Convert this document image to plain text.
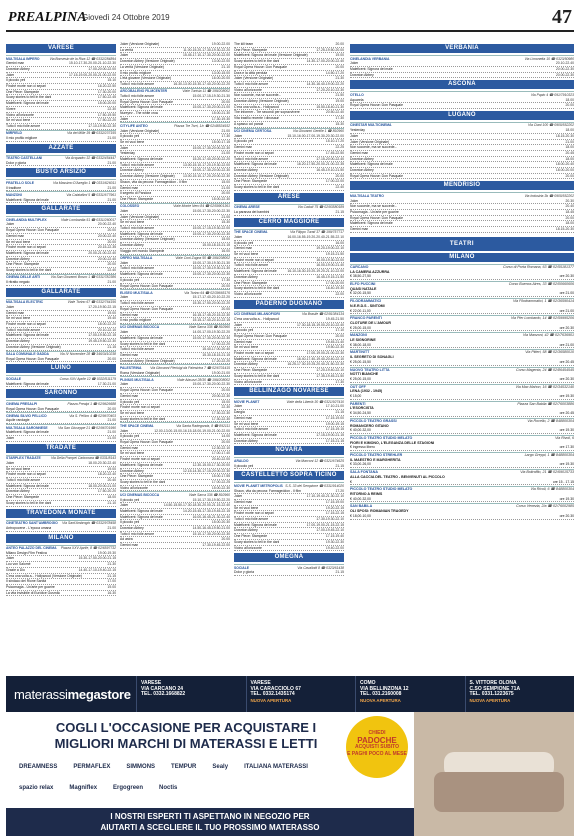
PREALPINA
Giovedì 24 Ottobre 2019	47
VARESE
MULTISALA IMPERO	Via Bonvesin de la Riva 12 ☎ 0332/284894
Gemini man	15.10-17.30-20.00-21.10-22.30
Downton Abbey	17.00-20.00-22.00
Joker	17.15-19.00-20.00-21.00-22.00
Il piccolo yeti	15.10
Finché morte non ci separi	16.20-22.50
One Piece: Stampede	17.30-20.00
Scary stories to tell in the dark	17.50-22.45
Maleficent: Signora del male	15.00-20.00
Vivere	22.30
Vicino all'orizzonte	17.50-19.50
Se mi vuoi bene	17.50-22.20
Tutto il mio folle amore	17.10-19.50-22.30
MIRFIELD	Via dei Mille 39 ☎ 0332/237155
Il mio profilo migliore	21.00
AZZATE
TEATRO CASTELLANI	Via Acquadro 32 ☎ 0332/454447
Dolor y gloria	21.00
BUSTO ARSIZIO
FRATELLO SOLE	Via Massimo D'Azeglio 1 ☎ 0331/626011
Il traditore	21.00
MANZONI	Via Calatafimi 5 ☎ 0331/677961
Maleficent: Signora del male	21.00
GALLARATE
CINELANDIA MULTIPLEX	Viale Lombardia 51 ☎ 0331/260017
Joker	20.00-22.40
Royal Opera House: Don Pasquale	20.00
Gemini man	20.00-22.40
Se mi vuoi bene	20.00
Finché morte non ci separi	20.15-22.35
Maleficent: Signora del male	20.00-21.00-22.40
Downton Abbey	20.00-22.40
One Piece: Stampede	20.00
Scary stories to tell in the dark	22.40
CINEMA DELLE ARTI	Via San Giovanni Bosco 1 ☎ 0331/782386
Il ritratto negato	21.00
GALLARATE
MULTISALA ELECTRIC	Viale Torino 67 ☎ 0332/764156
Joker	17.20-19.50-22.15
Gemini man	19.00
Se mi vuoi bene	19.40
Finché morte non ci separi	18.00-22.20
Tutto il mio folle amore	20.10-22.10
Maleficent: Signora del male	17.00-19.50-22.15
Downton Abbey	19.45-19.50-22.30
Downton Abbey (Versione Originale)	21.15
SALA COMUNALE GADDA	Via IV Novembre 28 ☎ 346/3410238
Royal Opera House: Don Pasquale	20.00
LUINO
SOCIALE	Corso XXV Aprile 12 ☎ 0332/511179
Maleficent: Signora del male	17.30-21.00
SARONNO
CINEMA PRESALPI	Piazza Prealpi 1 ☎ 02/9626688
Royal Opera House: Don Pasquale	20.00
CINEMA SILVIO PELLICO	Via S. Pellico 4 ☎ 02/9670403
Aquile randagie	21.00
MULTISALA SARONNESE	Via San Giuseppe 21 ☎ 02/96701990
Maleficent: Signora del male	21.00
Joker	21.00
TRADATE
STARPLEX TRADATE	Via Della Pompei Carbonara ☎ 0331/8143
Joker	18.00-20.30-22.40
Se mi vuoi bene	19.00
Finché morte non ci separi	18.20-22.40
Tutto il mio folle amore	20.40
Maleficent: Signora del male	18.00-20.00-21.00
Downton Abbey	17.50-20.20
One Piece: Stampede	18.00
Scary stories to tell in the dark	21.10
TRAVEDONA MONATE
CINETEATRO SANT'AMBROGIO Via Sant'Ambrogio ☎ 0332/978458
Antropocene - L'epoca umana	21.00
MILANO
ANTEO PALAZZO DEL CINEMA Piazza XXV Aprile, 8 ☎ 02/6597732
Milano Design Film Festival	19.00-19.30
Joker	15.30-17.50-20.00-21.15
Lou von Salomé	21.30
Grazie a Dio	14.40-17.10-19.40-22.15
C'era una volta a... Hollywood (Versione Originale)	21.15
Il sindaco del Rione Sanità	17.00
Psicomagia - Un'arte per guarire	19.00
La vita invisibile di Eurídice Gusmão	16.30
Joker (Versione Originale)	19.00-22.00
La verità	11.00-15.20-17.30-19.30-22.20
Joker	15.45-17.10-17.30-20.00-22.00
Downton Abbey (Versione Originale)	13.00-22.00
La verità (Versione Originale)	21.10
Il mio profilo migliore	13.00-15.00
L'età giovane (Versione Originale)	16.00-20.00
Tutto il mio folle amore	16.30-13.00-15.30-17.40-20.00-22.20
ARCOBALENO FILMCENTER	Viale Tunisia 11 ☎ 199/208002
Tutto il mio folle amore	15.00-17.15-19.30-21.30
Royal Opera House: Don Pasquale	20.00
Maleficent: Signora del male	15.00-17.30-20.00-21.00
Nureyev - The white crow	15.00-21.30
Joker	17.30-19.30
CITYLIFE ANTEO	Piazza Tre Torri, 1/c ☎ 02/48534932
Joker (Versione Originale)	21.00
Il piccolo yeti	17.30
Se mi vuoi bene	15.00-17.15
Joker	15.00-17.30-20.00-22.30
Yesterday	21.00
Maleficent: Signora del male	15.20-17.40-20.00-22.20
Tutto il mio folle amore	13.00-15.10-17.20-19.30-22.00
Downton Abbey	15.00-17.30-20.00-22.30
Downton Abbey (Versione Originale)	13.00-15.10-17.20-20.00-22.30
Shaun, vita da pecora: Farmageddon - Il film	15.00
Gemini man	21.00
Il segreto di Pandora	20.00
One Piece: Stampede	15.00-22.30
COLOSSEO	Viale Monte Nero 84 ☎ 02/59901361
Joker	15.00-17.30-20.00-22.30
Joker (Versione Originale)	21.00
Se mi vuoi bene	15.30
Tutto il mio folle amore	15.00-17.15-19.30-22.00
Maleficent: Signora del male	15.00-17.30-20.00-22.30
Downton Abbey (Versione Originale)	15.00
Downton Abbey	15.00-18.15-21.15
Viaggio nel mondo Stampede	16.00
ORFEO MULTISALA	Viale Coni Zugna 50 ☎ 199/208002
Joker	15.00-17.30-19.30-21.30
Tutto il mio folle amore	15.00-17.30-19.30-21.30
Maleficent: Signora del male	15.00-17.30-20.00-22.30
Il piccolo yeti	17.30
Royal Opera House: Don Pasquale	20.00
ELISEO MULTISALA	Via Torino 64 ☎ 02/39665176
Joker	15.17-17.40-20.10-22.20
Tutto il mio folle amore	15.30-17.50-20.00-22.20
Royal Opera House: Don Pasquale	20.00
Gemini man	16.15-17.45-20.15-22.30
Il mio profilo migliore	15.15-17.40-20.10-22.15
UCI CINEMAS BICOCCA	Viale Sarca 336 ☎ 892960
Joker	14.00-17.00-19.30-22.20
Maleficent: Signora del male	15.00-17.30-20.00-22.30
Scary stories to tell in the dark	17.00-22.20
Tutto il mio folle amore	15.40-17.00-20.40
Gemini man	15.30-18.15-21.15
Downton Abbey (Versione Originale)	17.20-22.20
PALESTRINA	Via Giovanni Pierluigi da Palestrina 7 ☎ 02/6701415
Roma (Versione Originale)	19.00-21.00
PLINIUS MULTISALA	Viale Abruzzi 28/30 ☎ 199/208002
Joker	15.00-17.30-20.00-22.30
Royal Opera House: Don Pasquale	20.00
Gemini man	20.00-22.30
Il piccolo yeti	15.00
Finché morte non ci separi	22.30
Se mi vuoi bene	17.30-22.30
Scary stories to tell in the dark	17.30-22.30
THE SPACE CINEMA	Via Santa Radegonda, 8 ☎ 892111
Joker	12.00-13.00-15.00-16.15-18.00-19.00-21.00-22.00
Il piccolo yeti	14.00
Royal Opera House: Don Pasquale	20.00
Gemini man	12.30-22.10
Se mi vuoi bene	17.00-17.40
Finché morte non ci separi	20.40-22.00
Maleficent: Signora del male	12.30-15.00-17.30-20.00
Downton Abbey	12.15-14.30-17.15-20.00-22.30
One Piece: Stampede	15.00-17.55
Scary stories to tell in the dark	17.00-22.25
Vicino all'orizzonte	15.00-22.30
UCI CINEMAS BICOCCA	Viale Sarca 336 ☎ 892960
Il piccolo yeti	15.10-17.30-19.50-22.20
Joker	14.50-15.50-17.30-18.30-20.00-21.15-22.40
Maleficent: Signora del male	14.20-15.45-17.30-19.45-22.15
Maleficent: Signora del male	16.00-16.45-21.30-22.40
Il piccolo yeti	15.00-20.30
Downton Abbey	14.50-16.45-19.50-21.00
Tutto il mio folle amore	15.10-17.30-20.00-22.30
Ad astra	20.00
Gemini man	17.30-19.45-22.00
The kill team	20.00
One Piece: Stampede	17.25-19.50-20.00
Maleficent: Signora del male (Versione Originale)	19.00
Scary stories to tell in the dark	14.30-17.00-20.00-22.40
Royal Opera House: Don Pasquale	20.00
Dora e la città perduta	14.50-17.20
Joker (Versione Originale)	21.30
Tutto il mio folle amore	14.30-16.40-19.00-22.20
Vicino all'orizzonte	17.20-20.10-22.30
Non succede, ma se succede...	21.50
Downton Abbey (Versione Originale)	19.00
C'era una volta a... Hollywood	15.50-18.40-21.30
The informer - Tre secondi per sopravvivere	20.50-22.40
Vita trasfilo recente i dinosauri	17.30
A spasso col panda	15.30
UCI CINEMA CERTOSA	Via Giovanni Gentile 1 ☎ 892960
Joker	15.10-16.00-17.00-19.30-20.30-22.00
Il piccolo yeti	15.10-17.20
Gemini man	22.25
Finché morte non ci separi	17.45-22.50
Tutto il mio folle amore	17.15-20.00-22.40
Maleficent: Signora del male	16.20-17.50-20.00-21.00-22.35
Downton Abbey	16.45-19.10-21.50
Downton Abbey (Versione Originale)	20.00
One Piece: Stampede	17.00-22.00
Scary stories to tell in the dark	22.40
ARESE
CINEMA ARESE	Via Caduti 75 ☎ 02/93580189
La paranza dei bambini	21.15
CERRO MAGGIORE
THE SPACE CINEMA	Via Filippo Turati 37 ☎ 199/757717
Joker	16.00-16.55-19.20-20.40-21.55-22.10
Il piccolo yeti	16.00
Gemini man	19.20-19.00-22.10
Se mi vuoi bene	19.15-21.50
Finché morte non ci separi	16.00-19.30-22.00
Tutto il mio folle amore	16.00-19.00-21.40
Maleficent: Signora del male	16.10-16.30-19.20-19.20-21.10-22.00
Downton Abbey	16.45-19.15-21.50
One Piece: Stampede	17.00-20.00
Scary stories to tell in the dark	16.40-19.30
Vicino all'orizzonte	22.00
PADERNO DUGNANO
UCI CINEMAS MILANOFIORI	Via Brasile ☎ 02/91084134
C'era una volta a... Hollywood	19.45-21.50
Joker	17.30-18.15-19.00-20.10-22.40
Il piccolo yeti	17.10
Royal Opera House: Don Pasquale	20.00
Gemini man	19.45-21.40
Se mi vuoi bene	19.50-22.30
Finché morte non ci separi	17.00-19.00-21.00-22.30
Maleficent: Signora del male	16.40-17.40-19.40-20.40-22.10
Downton Abbey	16.25-17.30-19.25-20.40-21.50-22.30
One Piece: Stampede	17.20-19.40-22.10
Scary stories to tell in the dark	17.35-19.45-21.50
Vicino all'orizzonte	17.30
BELLINZAGO NOVARESE
MOVIE PLANET	Viale della Libertà 30 ☎ 0321/927410
Joker	17.10-21.00
Dangia	21.15
Gemini man	17.15-19.00
Se mi vuoi bene	19.00-19.15
Tutto il mio folle amore	17.15-19.15
Maleficent: Signora del male	17.15-19.00-21.15
Downton Abbey	17.15-21.15
NOVARA
ARALDO	Via Marconi 12 ☎ 0321/674625
Il piccolo yeti	21.15
CASTELLETTO SOPRA TICINO
MOVIE PLANET METROPOLIS S.S. 33 del Sempione ☎ 0331/914020
Shaun, vita da pecora: Farmageddon - Il film	17.20
Joker	17.10-19.40-21.30-22.10
Gemini man	17.15-19.00
Se mi vuoi bene	19.20-22.15
Finché morte non ci separi	17.15-22.15
Tutto il mio folle amore	17.30-19.30-22.10
Maleficent: Signora del male	17.00-19.00-21.15-22.15
Downton Abbey	17.00-19.45-22.10
One Piece: Stampede	17.15-19.40
Scary stories to tell in the dark	19.30-22.30
Vicino all'orizzonte	19.40-22.00
OMEGNA
SOCIALE	Via Cavallotti 8 ☎ 0323/61438
Dolor y gloria	21.15
VERBANIA
CINELANDIA VERBANIA	Via Limonetta 10 ☎ 0323/50980
Joker	20.10-22.40
Maleficent: Signora del male	20.00-22.30
Downton Abbey	20.00-22.30
ASCONA
OTELLO	Via Papio 4 ☎ 091/7910323
Aquarela	18.00
Royal Opera House: Don Pasquale	20.00
LUGANO
CINESTAR MULTICINEMA	Via Ciani 100 ☎ 0900/552202
Yesterday	18.00
Joker	18.15-20.30
Joker (Versione Originale)	21.00
Non succede, ma se succede...	18.00
Gemini man	20.45
Downton Abbey	18.00
Maleficent: Signora del male	18.00-20.40
Downton Abbey	18.00-20.00
Royal Opera House: Don Pasquale	20.00
MENDRISIO
MULTISALA TEATRO	Via Industria 3b ☎ 0900/552202
Joker	20.30
Non succede, ma se succede...	20.40
Psicomagia - Un'arte per guarire	18.45
Royal Opera House: Don Pasquale	20.00
Maleficent: Signora del male	18.00
Gemini man	18.15-20.30
TEATRI
MILANO
CARCANO	Corso di Porta Romana, 63 ☎ 02/55181377
LA CAMERA AZZURRA
€ 38,50-27,50	ore 20.30
ELFO PUCCINI	Corso Buenos Aires, 33 ☎ 02/00660606
QUASI NATALE
€ 32,00-15,50	ore 21.00
FILODRAMMATICI	Via Filodrammatici, 1 ☎ 02/36590414
N.E.R.D.S - SINTOMI
€ 22,00-11,00	ore 21.00
FRANCO PARENTI	Via Pier Lombardo, 14 ☎ 02/59995206
CLOTURE DE L'AMOUR
€ 25,00-15,00	ore 20.30
MANZONI	Via Manzoni, 42 ☎ 02/7636901
LE SIGNORINE
€ 38,00-18,00	ore 21.00
MARTINITT	Via Pitteri, 58 ☎ 02/36580010
IL SEGRETO DI SONAGLI
€ 25,00-15,50	ore 20.45
NUOVO TEATRO LITTA	Corso Magenta, 24 ☎ 02/86454545
NOTTI BIANCHE
€ 25,00-15,00	ore 20.30
OUT OFF	Via Mac Mahon, 16 ☎ 02/34532140
LENA (1932 - 1945)
€ 15,00	ore 19.30
PARENTI	Piazza San Babila ☎ 02/76003886
L'ESORCISTA
€ 34,50-24,50	ore 20.45
PICCOLO TEATRO GRASSI	Via Rovello, 2 ☎ 848800304
ROMANCERO GITANO
€ 40,00-32,00	ore 19.30
PICCOLO TEATRO STUDIO MELATO	Via Rivoli, 6
FIORI E KIMONO, L'ELEGANZA DELLE STAGIONI
€ ingresso libero	ore 17.30
PICCOLO TEATRO STREHLER	Largo Greppi, 1 ☎ 848800304
IL MAESTRO E MARGHERITA
€ 33,00-26,00	ore 19.30
SALA FONTANA	Via Boltraffio, 21 ☎ 02/69015733
ALLA CACCIA DEL TEATRO - BENVENUTI AL PICCOLO
€	ore 15 - 17.15
PICCOLO TEATRO STUDIO MELATO	Via Rivoli, 6 ☎ 848800304
RITORNO A REIMS
€ 40,00-32,00	ore 19.30
SAN BABILA	Corso Venezia, 2/a ☎ 02/76002985
OLI SPOSI: ROMANIAN TRAGEDY
€ 18,00-10,00	ore 20.30
materassimegastore
VARESE
VIA CARCANO 24
TEL. 0332.1668822
VARESE
VIA CARACCIOLO 67
TEL. 0332.1435174
NUOVA APERTURA
COMO
VIA BELLINZONA 12
TEL. 031.2160008
NUOVA APERTURA
S. VITTORE OLONA
C.SO SEMPIONE 71A
TEL. 0331.1223675
NUOVA APERTURA
COGLI L'OCCASIONE PER ACQUISTARE I
MIGLIORI MARCHI DI MATERASSI E LETTI
CHIEDI
PADOCHE
ACQUISTI SUBITO
E PAGHI POCO AL MESE
DREAMNESS	PERMAFLEX	SIMMONS	TEMPUR	Sealy	ITALIANA MATERASSI
spazio relax	Magniflex	Ergogreen	Noctis
I NOSTRI ESPERTI TI ASPETTANO IN NEGOZIO PER
AIUTARTI A SCEGLIERE IL TUO PROSSIMO MATERASSO
